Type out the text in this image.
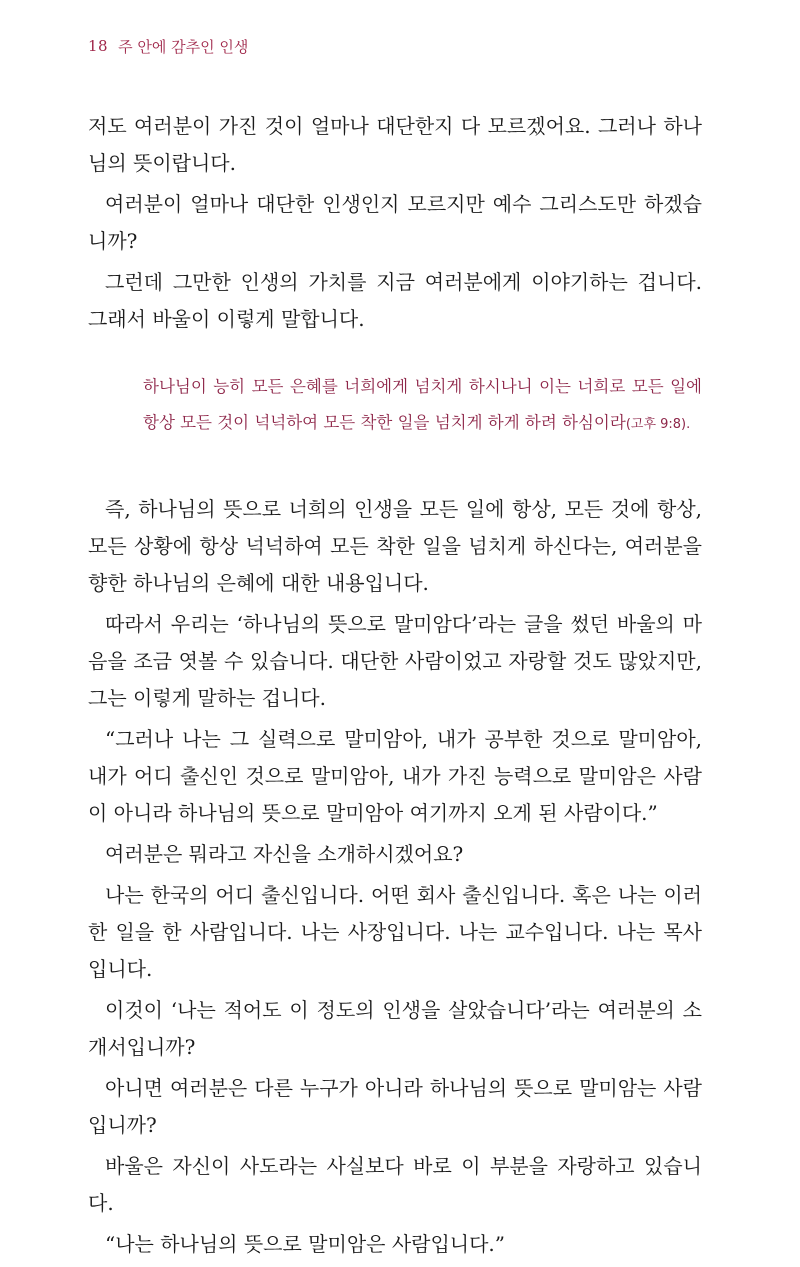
18 주 안에 감추인 인생

저도 여러분이 가진 것이 얼마나 대단한지 다 모르겠어요. 그러나 하나님의 뜻이랍니다.

여러분이 얼마나 대단한 인생인지 모르지만 예수 그리스도만 하겠습니까?

그런데 그만한 인생의 가치를 지금 여러분에게 이야기하는 겁니다. 그래서 바울이 이렇게 말합니다.

하나님이 능히 모든 은혜를 너희에게 넘치게 하시나니 이는 너희로 모든 일에 항상 모든 것이 넉넉하여 모든 착한 일을 넘치게 하게 하려 하심이라(고후 9:8).

즉, 하나님의 뜻으로 너희의 인생을 모든 일에 항상, 모든 것에 항상, 모든 상황에 항상 넉넉하여 모든 착한 일을 넘치게 하신다는, 여러분을 향한 하나님의 은혜에 대한 내용입니다.

따라서 우리는 ‘하나님의 뜻으로 말미암다’라는 글을 썼던 바울의 마음을 조금 엿볼 수 있습니다. 대단한 사람이었고 자랑할 것도 많았지만, 그는 이렇게 말하는 겁니다.

“그러나 나는 그 실력으로 말미암아, 내가 공부한 것으로 말미암아, 내가 어디 출신인 것으로 말미암아, 내가 가진 능력으로 말미암은 사람이 아니라 하나님의 뜻으로 말미암아 여기까지 오게 된 사람이다.”

여러분은 뭐라고 자신을 소개하시겠어요?

나는 한국의 어디 출신입니다. 어떤 회사 출신입니다. 혹은 나는 이러한 일을 한 사람입니다. 나는 사장입니다. 나는 교수입니다. 나는 목사입니다.

이것이 ‘나는 적어도 이 정도의 인생을 살았습니다’라는 여러분의 소개서입니까?

아니면 여러분은 다른 누구가 아니라 하나님의 뜻으로 말미암는 사람입니까?

바울은 자신이 사도라는 사실보다 바로 이 부분을 자랑하고 있습니다.

“나는 하나님의 뜻으로 말미암은 사람입니다.”
